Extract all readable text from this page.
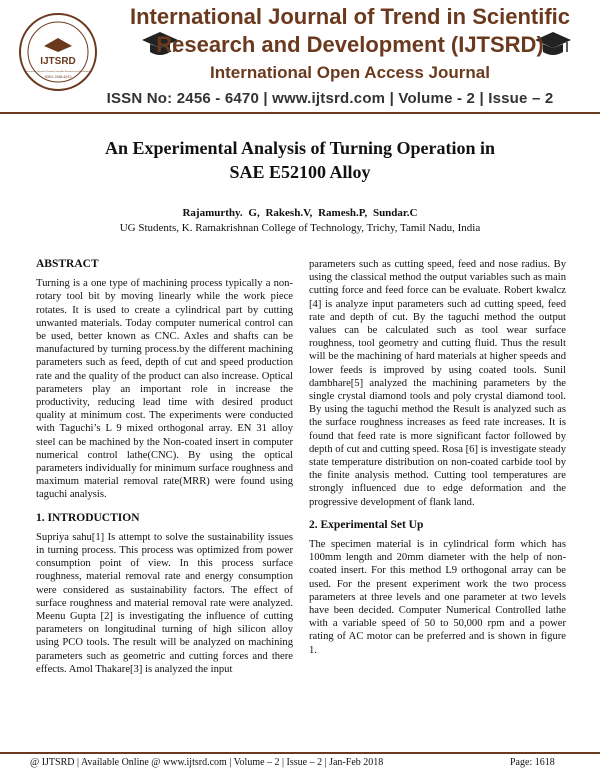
IJTSRD
International Journal of Trend in Scientific Research and Development
ISSN: 2456-6470
International Journal of Trend in Scientific
Research and Development (IJTSRD)
International Open Access Journal
ISSN No: 2456 - 6470 | www.ijtsrd.com | Volume - 2 | Issue – 2
An Experimental Analysis of Turning Operation in
SAE E52100 Alloy
Rajamurthy. G, Rakesh.V, Ramesh.P, Sundar.C
UG Students, K. Ramakrishnan College of Technology, Trichy, Tamil Nadu, India
ABSTRACT

Turning is a one type of machining process typically a non-rotary tool bit by moving linearly while the work piece rotates. It is used to create a cylindrical part by cutting unwanted materials. Today computer numerical control can be used, better known as CNC. Axles and shafts can be manufactured by turning process.by the different machining parameters such as feed, depth of cut and speed production rate and the quality of the product can also increase. Optical parameters play an important role in increase the productivity, reducing lead time with desired product quality at minimum cost. The experiments were conducted with Taguchi’s L 9 mixed orthogonal array. EN 31 alloy steel can be machined by the Non-coated insert in computer numerical control lathe(CNC). By using the optical parameters individually for minimum surface roughness and maximum material removal rate(MRR) were found using taguchi analysis.

1. INTRODUCTION

Supriya sahu[1] Is attempt to solve the sustainability issues in turning process. This process was optimized from power consumption point of view. In this process surface roughness, material removal rate and energy consumption were considered as sustainability factors. The effect of surface roughness and material removal rate were analyzed. Meenu Gupta [2] is investigating the influence of cutting parameters on longitudinal turning of high silicon alloy using PCO tools. The result will be analyzed on machining parameters such as geometric and cutting forces and there effects. Amol Thakare[3] is analyzed the input

parameters such as cutting speed, feed and nose radius. By using the classical method the output variables such as main cutting force and feed force can be evaluate. Robert kwalcz [4] is analyze input parameters such ad cutting speed, feed rate and depth of cut. By the taguchi method the output values can be calculated such as tool wear surface roughness, tool geometry and cutting fluid. Thus the result will be the machining of hard materials at higher speeds and lower feeds is improved by using coated tools. Sunil dambhare[5] analyzed the machining parameters by the single crystal diamond tools and poly crystal diamond tool. By using the taguchi method the Result is analyzed such as the surface roughness increases as feed rate increases. It is found that feed rate is more significant factor followed by depth of cut and cutting speed. Rosa [6] is investigate steady state temperature distribution on non-coated carbide tool by the finite analysis method. Cutting tool temperatures are strongly influenced due to edge deformation and the progressive development of flank land.

2. Experimental Set Up

The specimen material is in cylindrical form which has 100mm length and 20mm diameter with the help of non-coated insert. For this method L9 orthogonal array can be used. For the present experiment work the two process parameters at three levels and one parameter at two levels have been decided. Computer Numerical Controlled lathe with a variable speed of 50 to 50,000 rpm and a power rating of AC motor can be preferred and is shown in figure 1.

@ IJTSRD | Available Online @ www.ijtsrd.com | Volume – 2 | Issue – 2 | Jan-Feb 2018	Page: 1618
